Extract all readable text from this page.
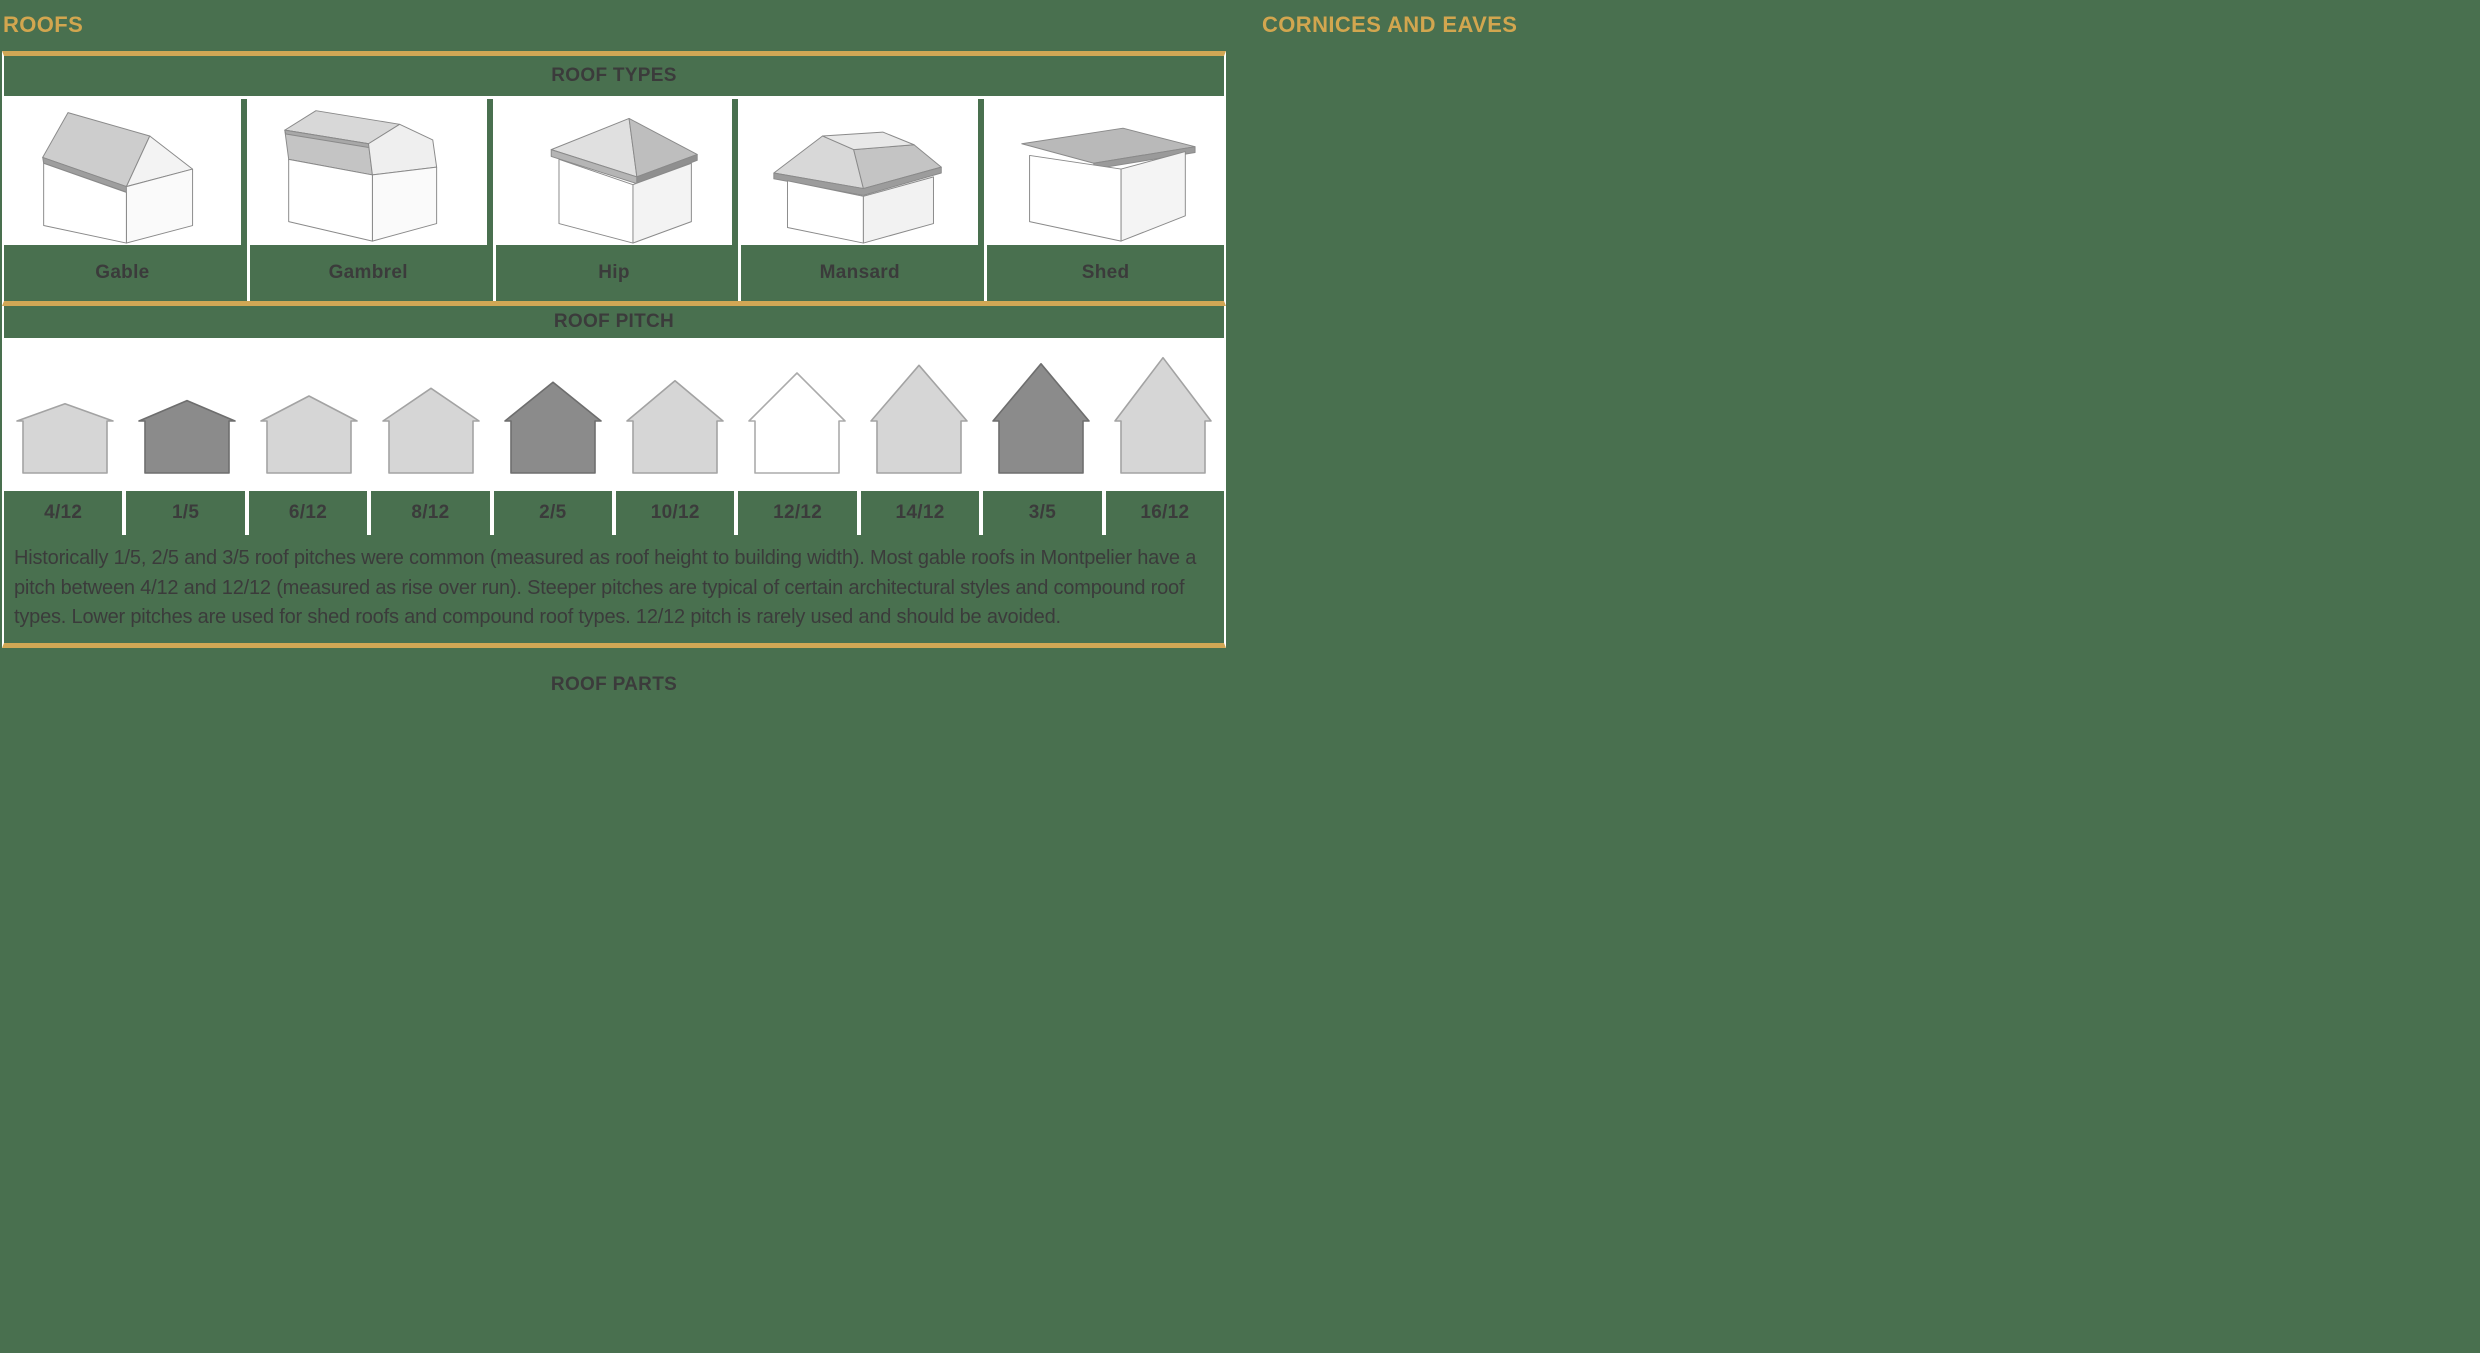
ROOFS	CORNICES AND EAVES
ROOF TYPES
Gable	Gambrel	Hip	Mansard	Shed
ROOF PITCH
4/12	1/5	6/12	8/12	2/5	10/12	12/12	14/12	3/5	16/12
Historically 1/5, 2/5 and 3/5 roof pitches were common (measured as roof height to building width). Most gable roofs in Montpelier have a pitch between 4/12 and 12/12 (measured as rise over run). Steeper pitches are typical of certain architectural styles and compound roof types. Lower pitches are used for shed roofs and compound roof types. 12/12 pitch is rarely used and should be avoided.
ROOF PARTS
